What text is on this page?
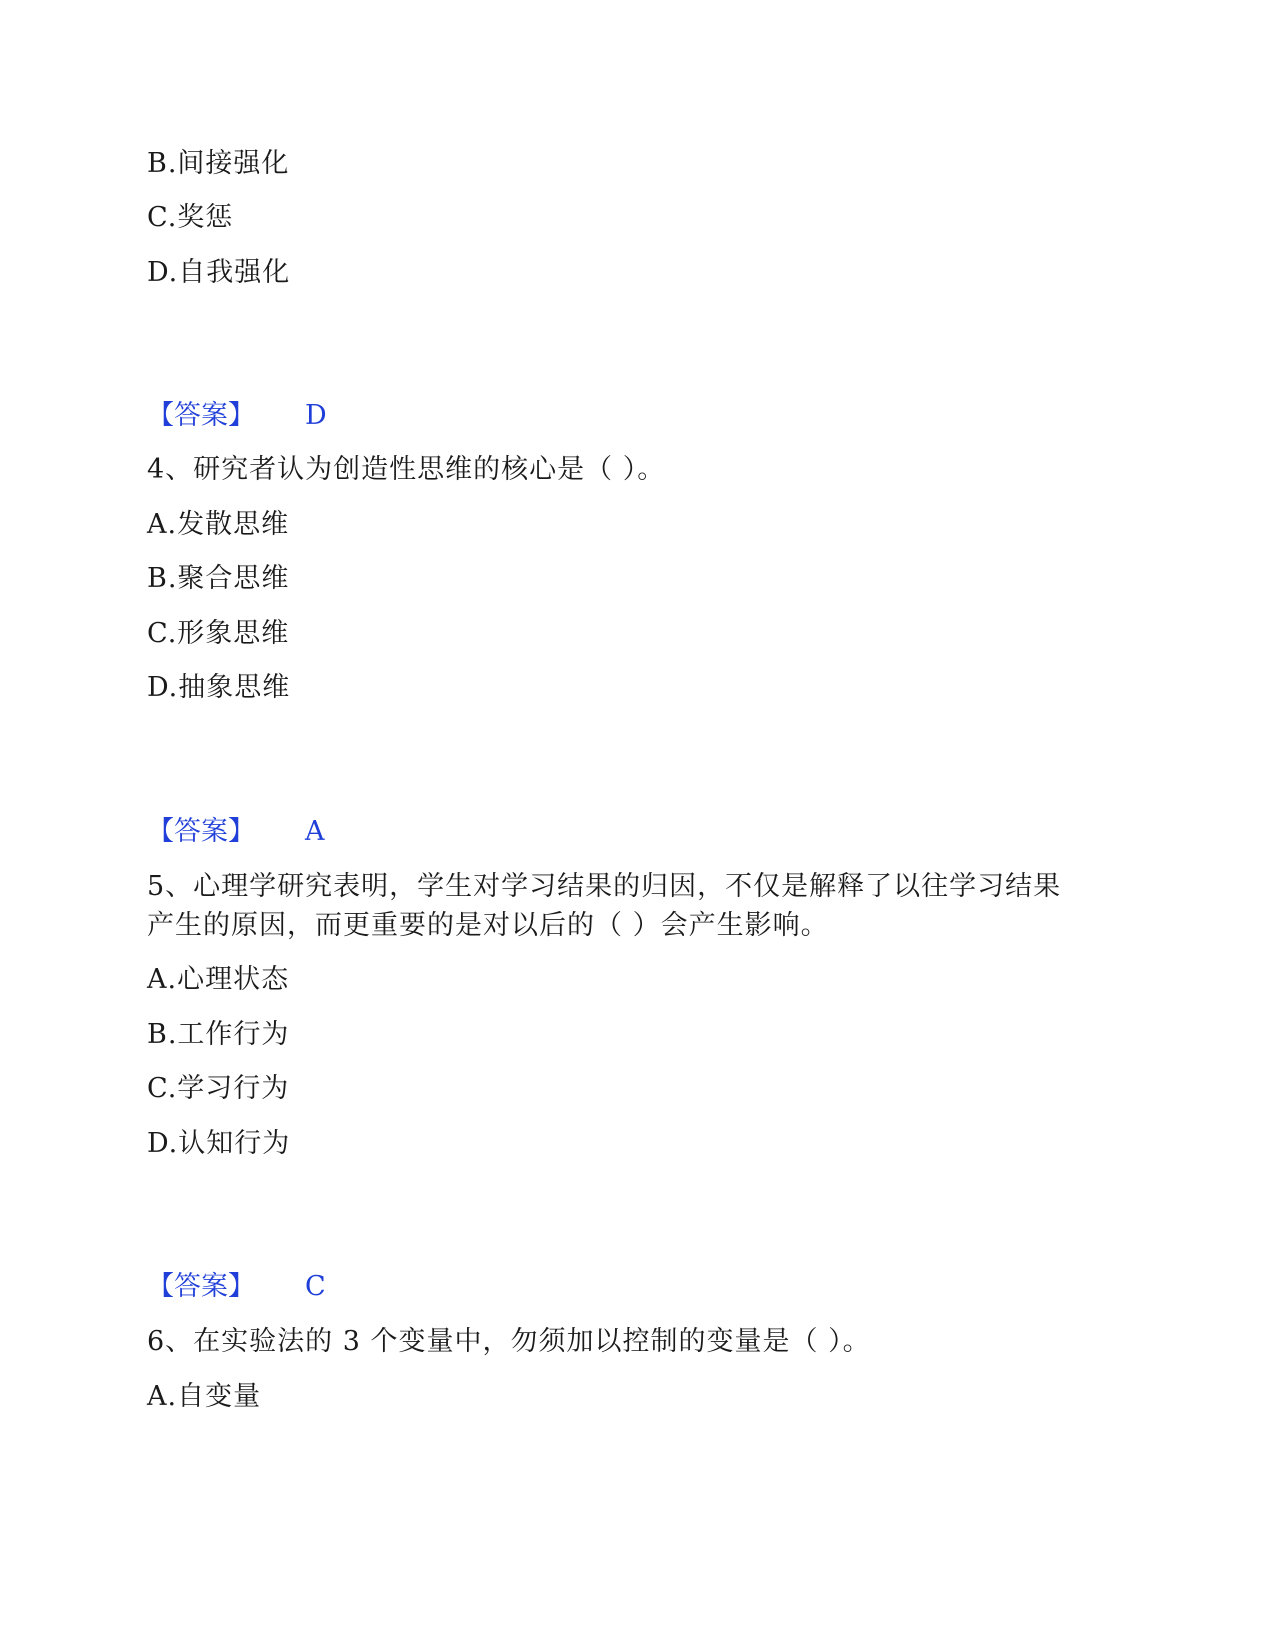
B.间接强化
C.奖惩
D.自我强化
【答案】 D
4、研究者认为创造性思维的核心是（ ）。
A.发散思维
B.聚合思维
C.形象思维
D.抽象思维
【答案】 A
5、心理学研究表明，学生对学习结果的归因，不仅是解释了以往学习结果
产生的原因，而更重要的是对以后的（ ）会产生影响。
A.心理状态
B.工作行为
C.学习行为
D.认知行为
【答案】 C
6、在实验法的 3 个变量中，勿须加以控制的变量是（ ）。
A.自变量
